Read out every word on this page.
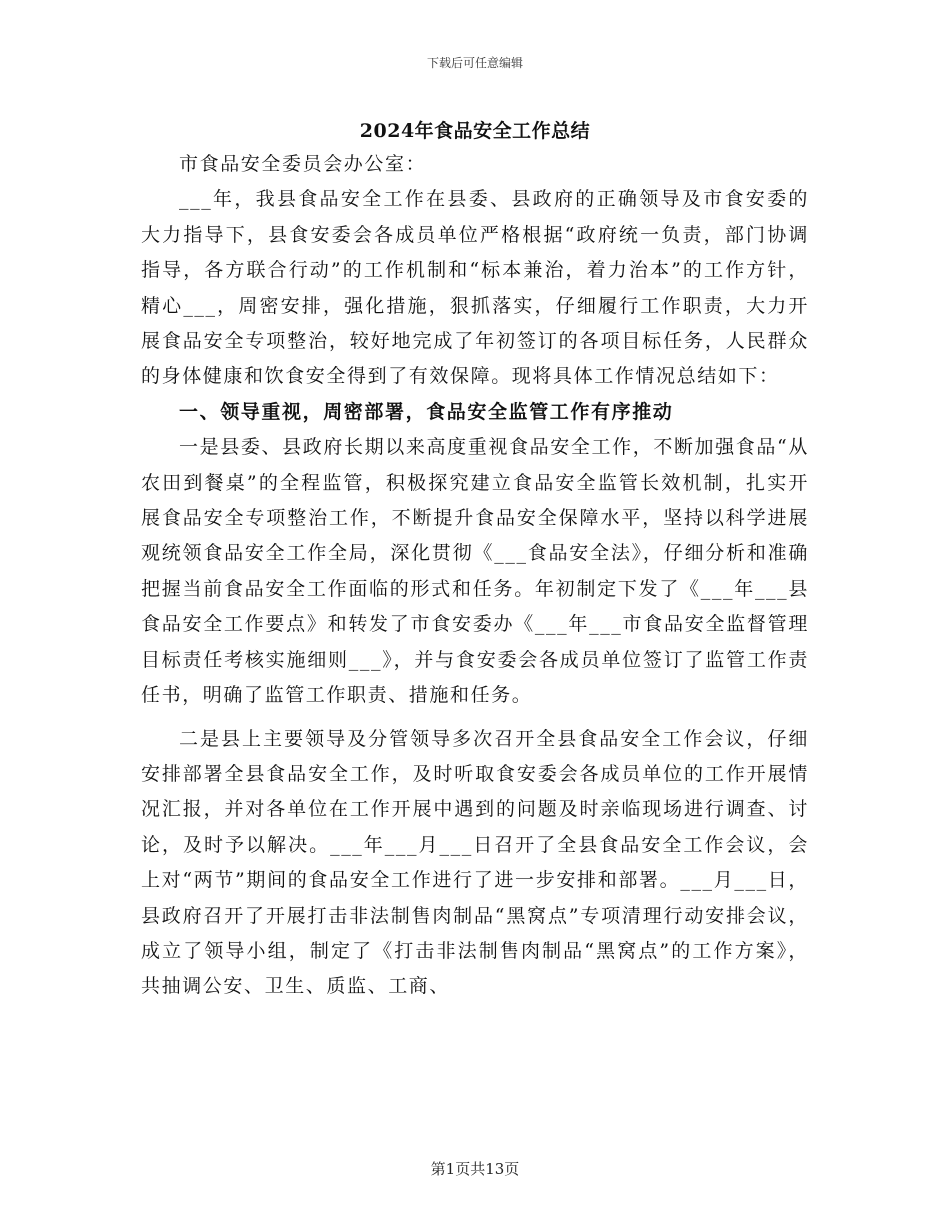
下载后可任意编辑
2024年食品安全工作总结

市食品安全委员会办公室：

___年，我县食品安全工作在县委、县政府的正确领导及市食安委的大力指导下，县食安委会各成员单位严格根据“政府统一负责，部门协调指导，各方联合行动”的工作机制和“标本兼治，着力治本”的工作方针，精心___，周密安排，强化措施，狠抓落实，仔细履行工作职责，大力开展食品安全专项整治，较好地完成了年初签订的各项目标任务，人民群众的身体健康和饮食安全得到了有效保障。现将具体工作情况总结如下：

一、领导重视，周密部署，食品安全监管工作有序推动

一是县委、县政府长期以来高度重视食品安全工作，不断加强食品“从农田到餐桌”的全程监管，积极探究建立食品安全监管长效机制，扎实开展食品安全专项整治工作，不断提升食品安全保障水平，坚持以科学进展观统领食品安全工作全局，深化贯彻《___食品安全法》，仔细分析和准确把握当前食品安全工作面临的形式和任务。年初制定下发了《___年___县食品安全工作要点》和转发了市食安委办《___年___市食品安全监督管理目标责任考核实施细则___》，并与食安委会各成员单位签订了监管工作责任书，明确了监管工作职责、措施和任务。

二是县上主要领导及分管领导多次召开全县食品安全工作会议，仔细安排部署全县食品安全工作，及时听取食安委会各成员单位的工作开展情况汇报，并对各单位在工作开展中遇到的问题及时亲临现场进行调查、讨论，及时予以解决。___年___月___日召开了全县食品安全工作会议，会上对“两节”期间的食品安全工作进行了进一步安排和部署。___月___日，县政府召开了开展打击非法制售肉制品“黑窝点”专项清理行动安排会议，成立了领导小组，制定了《打击非法制售肉制品“黑窝点”的工作方案》，共抽调公安、卫生、质监、工商、

第1页共13页
